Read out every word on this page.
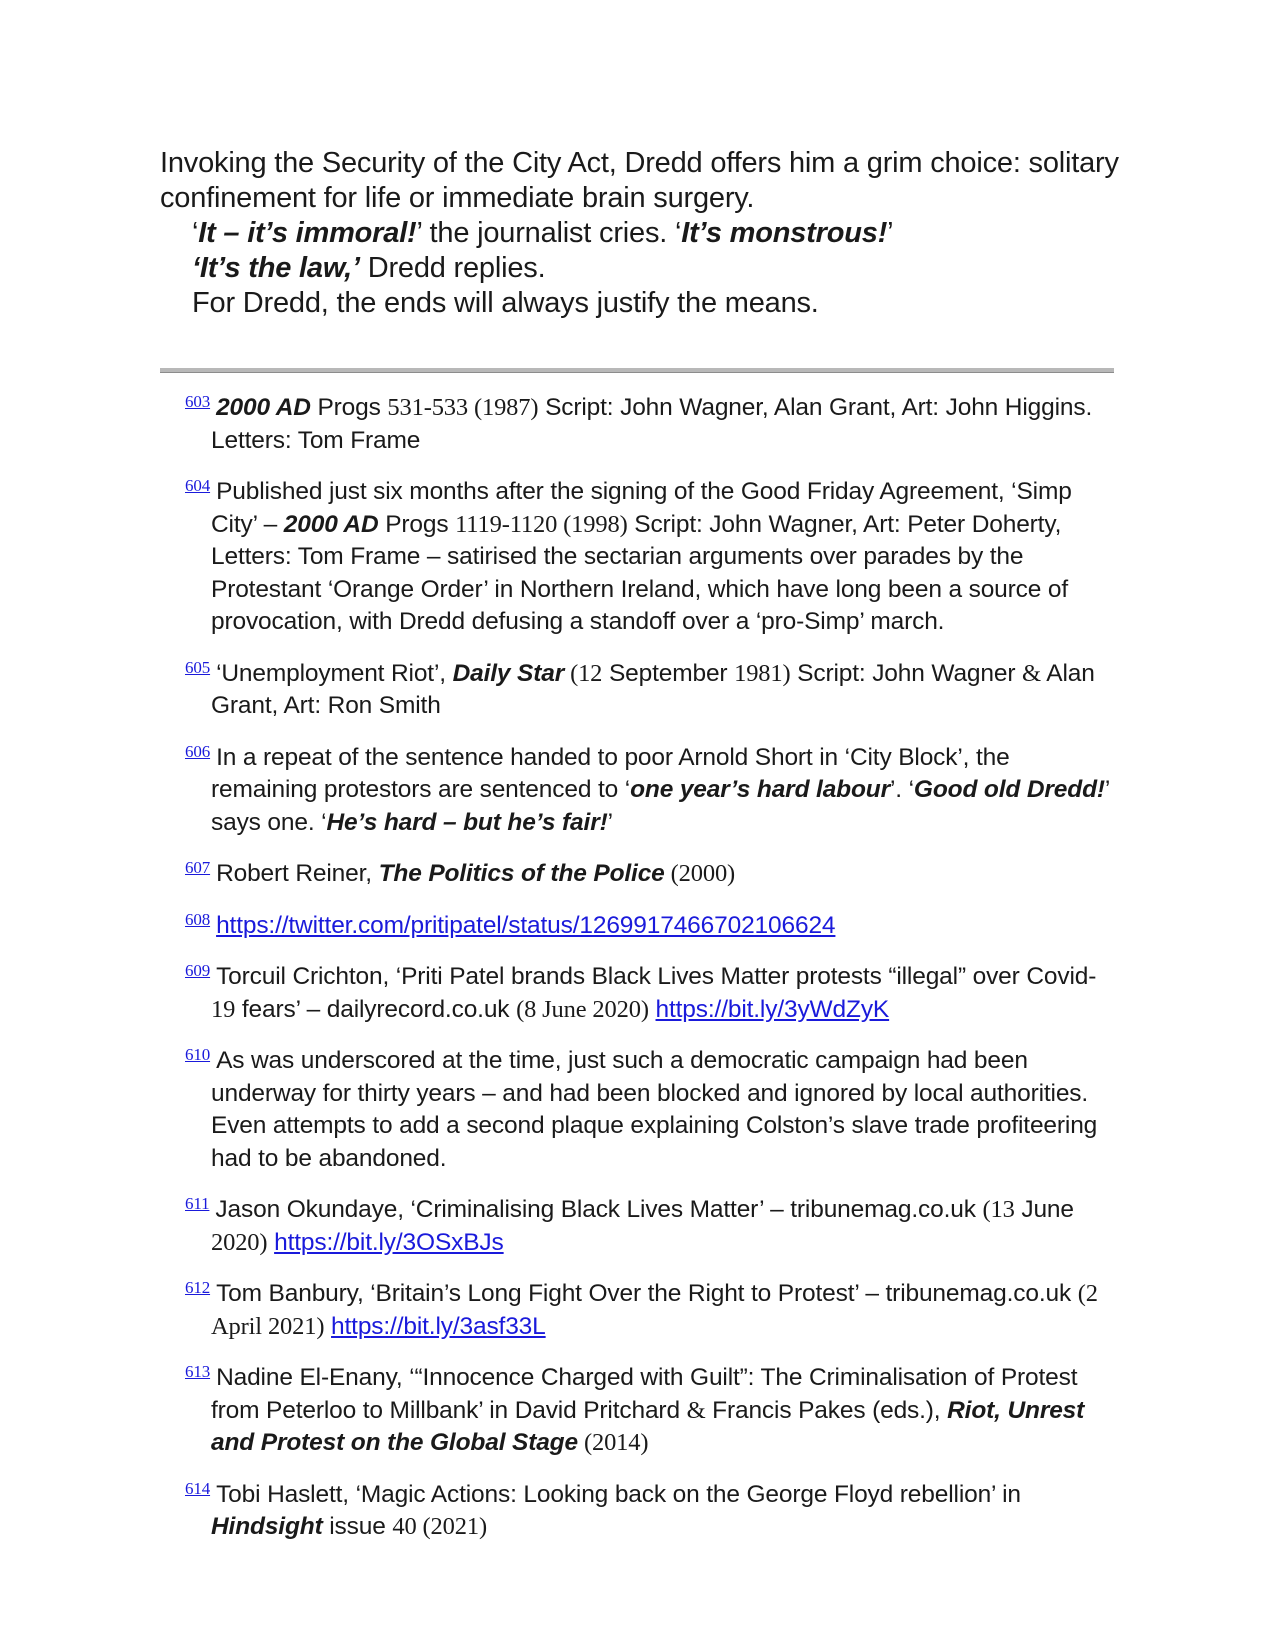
Invoking the Security of the City Act, Dredd offers him a grim choice: solitary confinement for life or immediate brain surgery.

‘It – it’s immoral!’ the journalist cries. ‘It’s monstrous!’

‘It’s the law,’ Dredd replies.

For Dredd, the ends will always justify the means.

$^{603}$ 2000 AD Progs 531-533 (1987) Script: John Wagner, Alan Grant, Art: John Higgins. Letters: Tom Frame

$^{604}$ Published just six months after the signing of the Good Friday Agreement, ‘Simp City’ – 2000 AD Progs 1119-1120 (1998) Script: John Wagner, Art: Peter Doherty, Letters: Tom Frame – satirised the sectarian arguments over parades by the Protestant ‘Orange Order’ in Northern Ireland, which have long been a source of provocation, with Dredd defusing a standoff over a ‘pro-Simp’ march.

$^{605}$ ‘Unemployment Riot’, Daily Star (12 September 1981) Script: John Wagner & Alan Grant, Art: Ron Smith

$^{606}$ In a repeat of the sentence handed to poor Arnold Short in ‘City Block’, the remaining protestors are sentenced to ‘one year’s hard labour’. ‘Good old Dredd!’ says one. ‘He’s hard – but he’s fair!’

$^{607}$ Robert Reiner, The Politics of the Police (2000)

$^{608}$ https://twitter.com/pritipatel/status/1269917466702106624

$^{609}$ Torcuil Crichton, ‘Priti Patel brands Black Lives Matter protests “illegal” over Covid-19 fears’ – dailyrecord.co.uk (8 June 2020) https://bit.ly/3yWdZyK

$^{610}$ As was underscored at the time, just such a democratic campaign had been underway for thirty years – and had been blocked and ignored by local authorities. Even attempts to add a second plaque explaining Colston’s slave trade profiteering had to be abandoned.

$^{611}$ Jason Okundaye, ‘Criminalising Black Lives Matter’ – tribunemag.co.uk (13 June 2020) https://bit.ly/3OSxBJs

$^{612}$ Tom Banbury, ‘Britain’s Long Fight Over the Right to Protest’ – tribunemag.co.uk (2 April 2021) https://bit.ly/3asf33L

$^{613}$ Nadine El-Enany, ‘“Innocence Charged with Guilt”: The Criminalisation of Protest from Peterloo to Millbank’ in David Pritchard & Francis Pakes (eds.), Riot, Unrest and Protest on the Global Stage (2014)

$^{614}$ Tobi Haslett, ‘Magic Actions: Looking back on the George Floyd rebellion’ in Hindsight issue 40 (2021)
